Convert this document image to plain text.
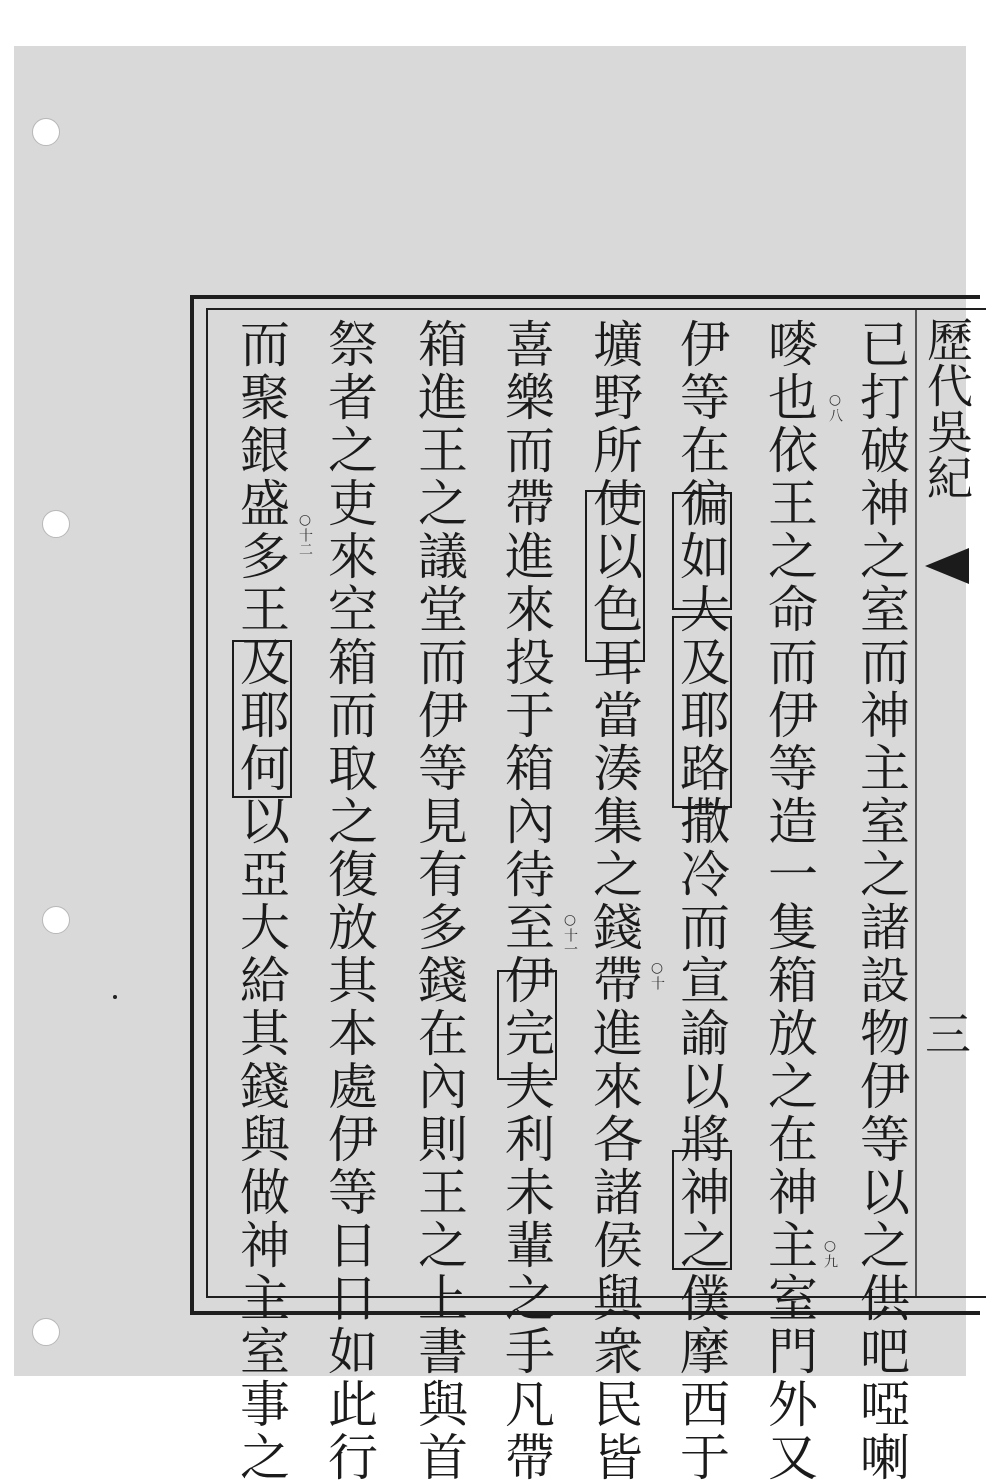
歷代吳紀
三
已打破神之室而神主室之諸設物伊等以之供吧啞喇
嘜也依王之命而伊等造一隻箱放之在神主室門外又
伊等在徧如大及耶路撒冷而宣諭以將神之僕摩西于
壙野所使以色耳當湊集之錢帶進來各諸侯與衆民皆
喜樂而帶進來投于箱內待至伊完夫利未輩之手凡帶
箱進王之議堂而伊等見有多錢在內則王之上書與首
祭者之吏來空箱而取之復放其本處伊等日日如此行
而聚銀盛多王及耶何以亞大給其錢與做神主室事之	○八
○九
○十
○十一
○十二
